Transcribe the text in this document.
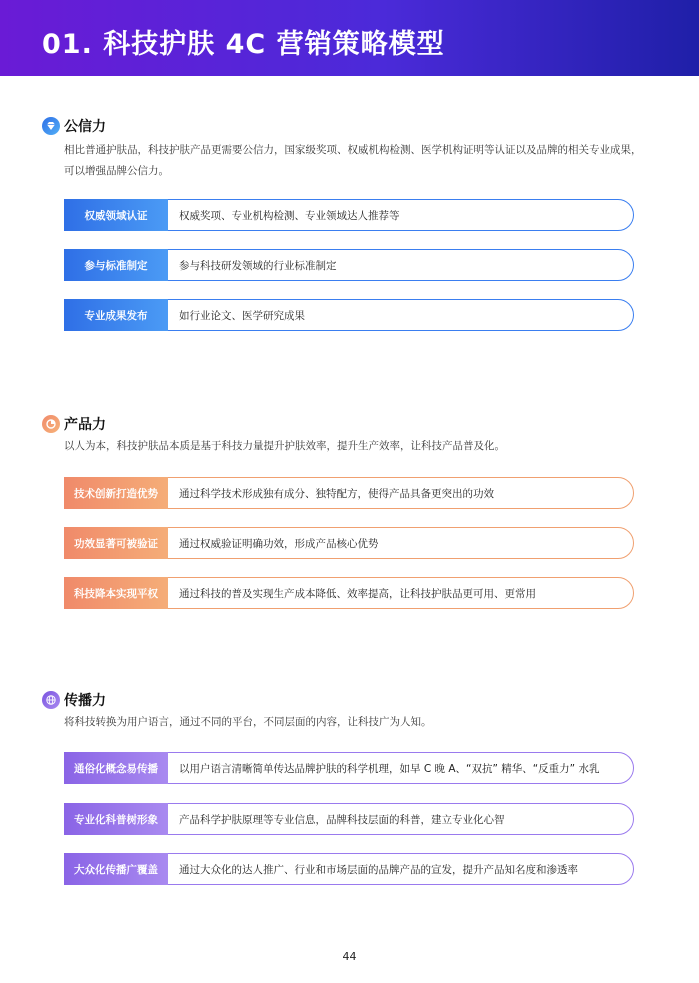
01. 科技护肤 4C 营销策略模型
公信力
相比普通护肤品，科技护肤产品更需要公信力，国家级奖项、权威机构检测、医学机构证明等认证以及品牌的相关专业成果，可以增强品牌公信力。
权威领域认证	权威奖项、专业机构检测、专业领域达人推荐等
参与标准制定	参与科技研发领域的行业标准制定
专业成果发布	如行业论文、医学研究成果
产品力
以人为本，科技护肤品本质是基于科技力量提升护肤效率，提升生产效率，让科技产品普及化。
技术创新打造优势	通过科学技术形成独有成分、独特配方，使得产品具备更突出的功效
功效显著可被验证	通过权威验证明确功效，形成产品核心优势
科技降本实现平权	通过科技的普及实现生产成本降低、效率提高，让科技护肤品更可用、更常用
传播力
将科技转换为用户语言，通过不同的平台，不同层面的内容，让科技广为人知。
通俗化概念易传播	以用户语言清晰简单传达品牌护肤的科学机理，如早 C 晚 A、“双抗” 精华、“反重力” 水乳
专业化科普树形象	产品科学护肤原理等专业信息，品牌科技层面的科普，建立专业化心智
大众化传播广覆盖	通过大众化的达人推广、行业和市场层面的品牌产品的宣发，提升产品知名度和渗透率
44
